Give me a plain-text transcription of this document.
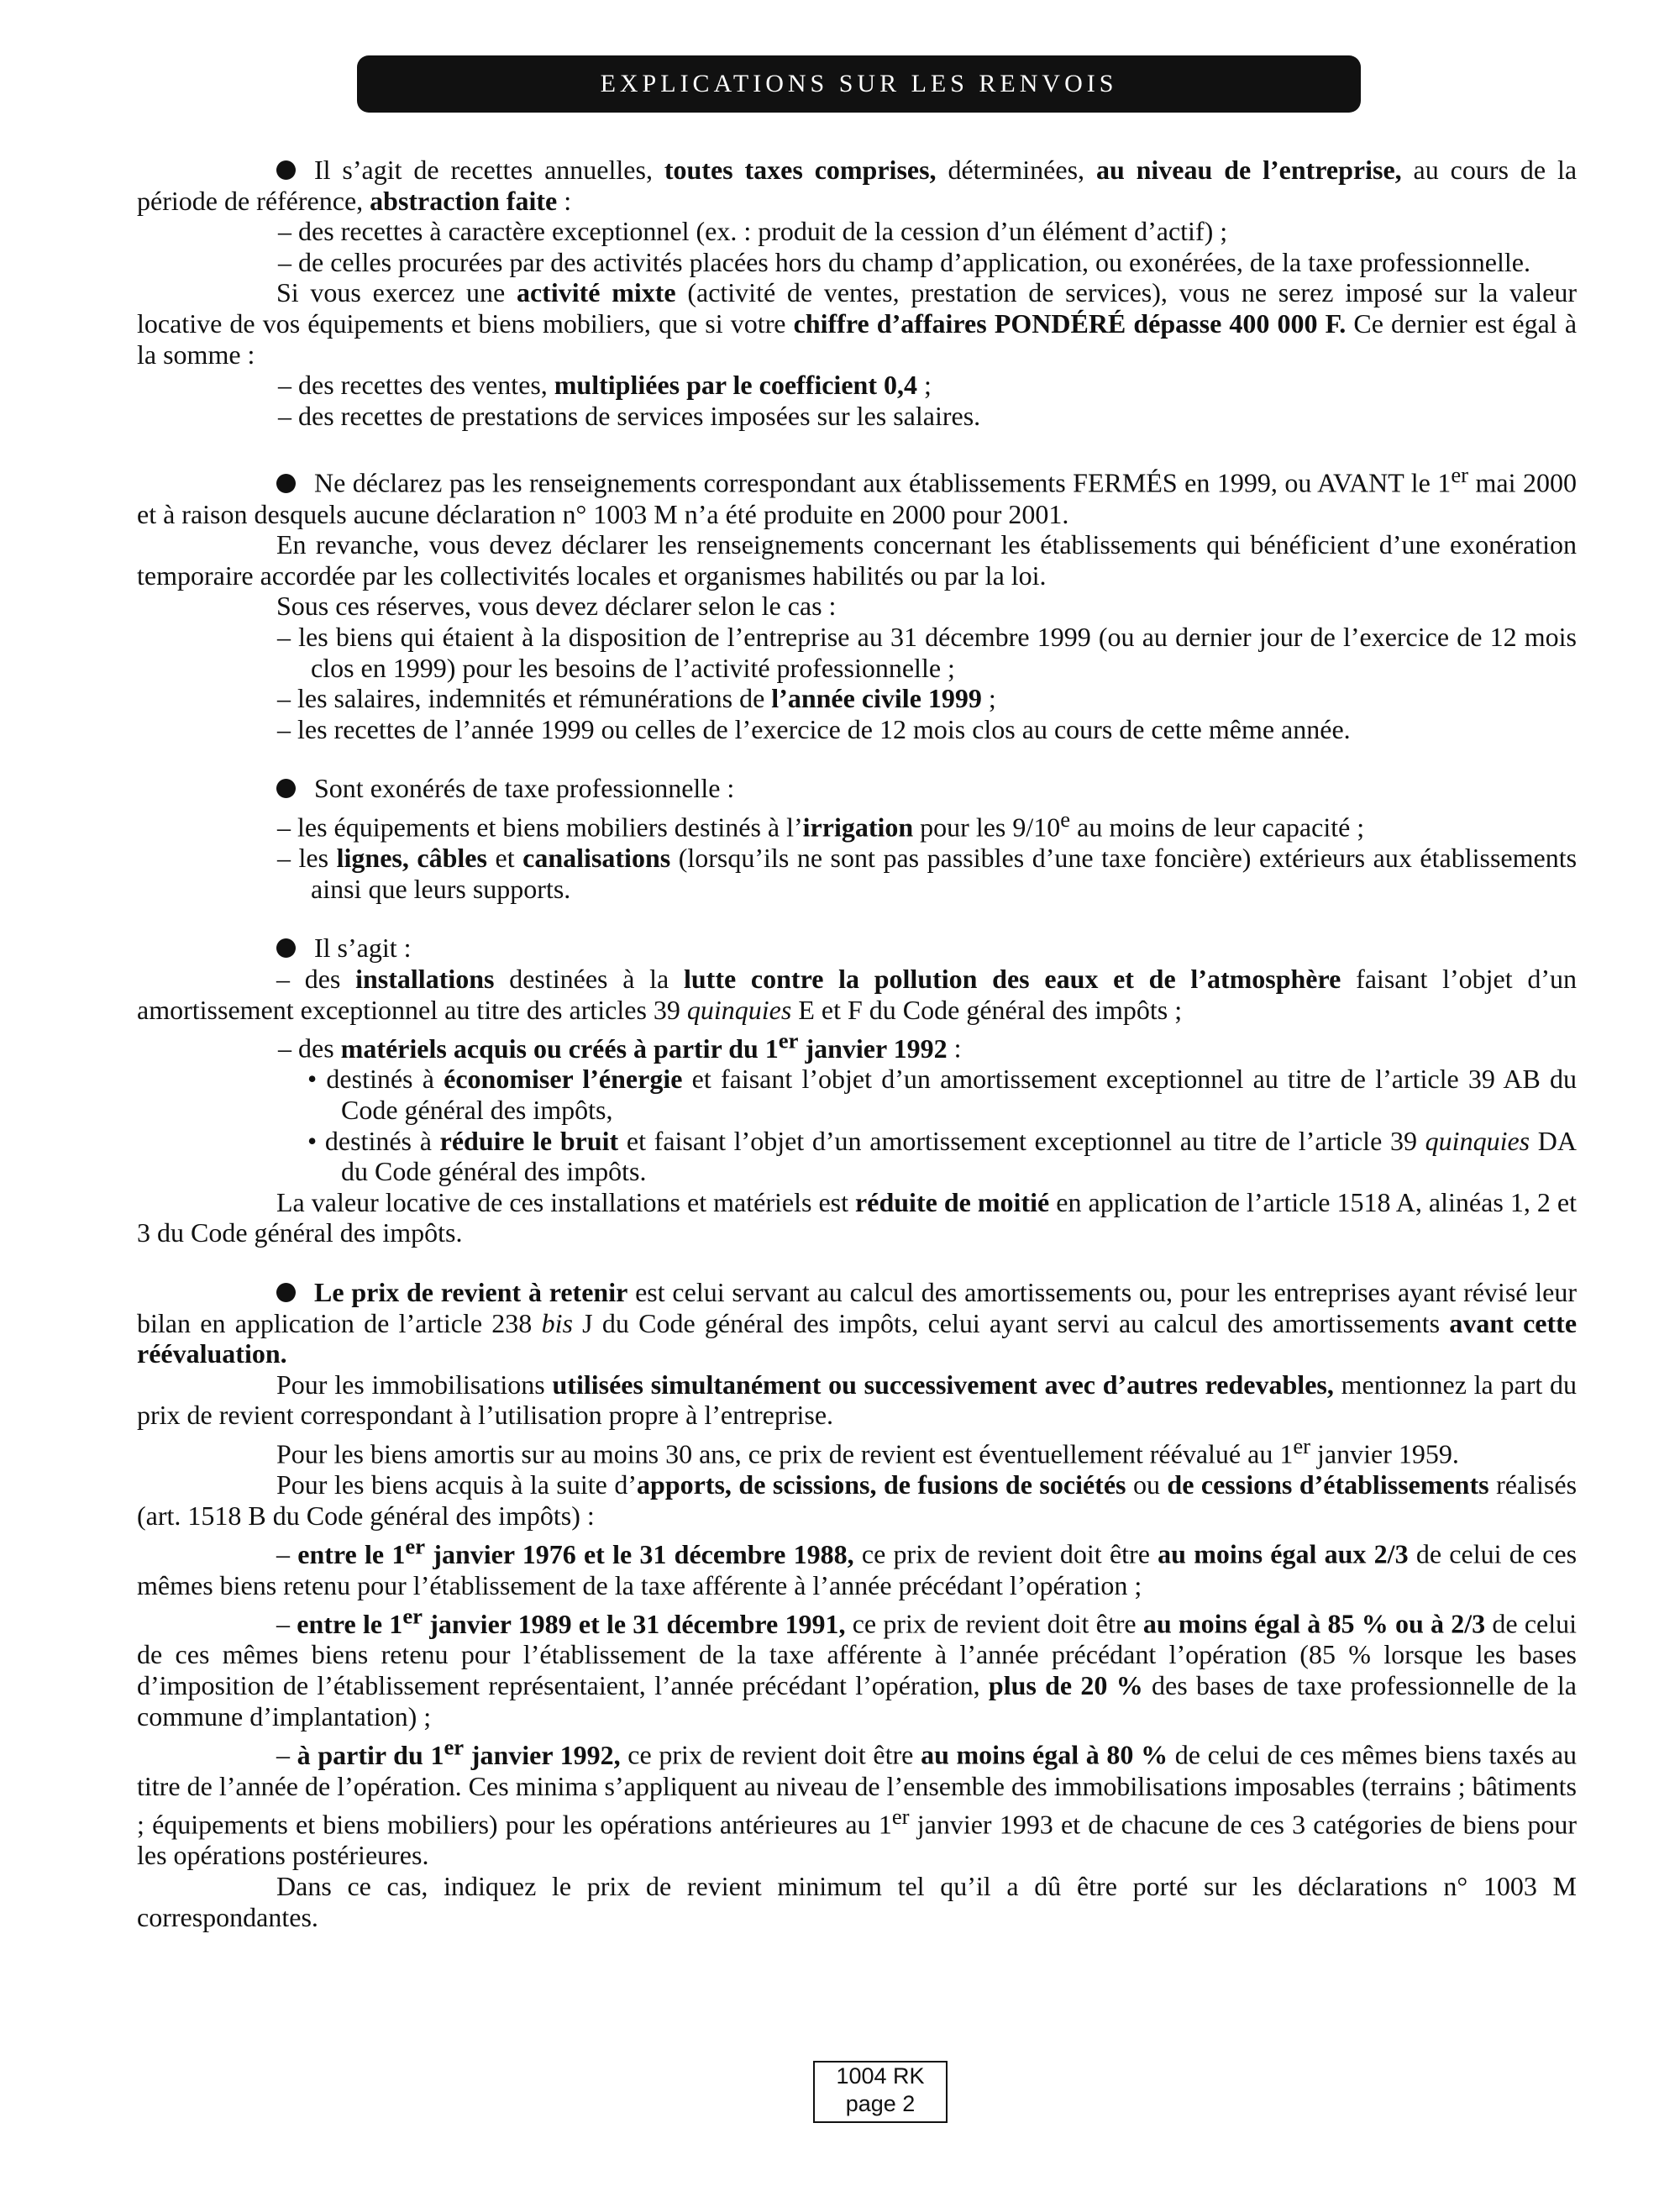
EXPLICATIONS SUR LES RENVOIS

Il s’agit de recettes annuelles, toutes taxes comprises, déterminées, au niveau de l’entreprise, au cours de la période de référence, abstraction faite :

– des recettes à caractère exceptionnel (ex. : produit de la cession d’un élément d’actif) ;

– de celles procurées par des activités placées hors du champ d’application, ou exonérées, de la taxe professionnelle.

Si vous exercez une activité mixte (activité de ventes, prestation de services), vous ne serez imposé sur la valeur locative de vos équipements et biens mobiliers, que si votre chiffre d’affaires PONDÉRÉ dépasse 400 000 F. Ce dernier est égal à la somme :

– des recettes des ventes, multipliées par le coefficient 0,4 ;

– des recettes de prestations de services imposées sur les salaires.

Ne déclarez pas les renseignements correspondant aux établissements FERMÉS en 1999, ou AVANT le 1er mai 2000 et à raison desquels aucune déclaration n° 1003 M n’a été produite en 2000 pour 2001.

En revanche, vous devez déclarer les renseignements concernant les établissements qui bénéficient d’une exonération temporaire accordée par les collectivités locales et organismes habilités ou par la loi.

Sous ces réserves, vous devez déclarer selon le cas :

– les biens qui étaient à la disposition de l’entreprise au 31 décembre 1999 (ou au dernier jour de l’exercice de 12 mois clos en 1999) pour les besoins de l’activité professionnelle ;

– les salaires, indemnités et rémunérations de l’année civile 1999 ;

– les recettes de l’année 1999 ou celles de l’exercice de 12 mois clos au cours de cette même année.

Sont exonérés de taxe professionnelle :

– les équipements et biens mobiliers destinés à l’irrigation pour les 9/10e au moins de leur capacité ;

– les lignes, câbles et canalisations (lorsqu’ils ne sont pas passibles d’une taxe foncière) extérieurs aux établissements ainsi que leurs supports.

Il s’agit :

– des installations destinées à la lutte contre la pollution des eaux et de l’atmosphère faisant l’objet d’un amortissement exceptionnel au titre des articles 39 quinquies E et F du Code général des impôts ;

– des matériels acquis ou créés à partir du 1er janvier 1992 :

• destinés à économiser l’énergie et faisant l’objet d’un amortissement exceptionnel au titre de l’article 39 AB du Code général des impôts,

• destinés à réduire le bruit et faisant l’objet d’un amortissement exceptionnel au titre de l’article 39 quinquies DA du Code général des impôts.

La valeur locative de ces installations et matériels est réduite de moitié en application de l’article 1518 A, alinéas 1, 2 et 3 du Code général des impôts.

Le prix de revient à retenir est celui servant au calcul des amortissements ou, pour les entreprises ayant révisé leur bilan en application de l’article 238 bis J du Code général des impôts, celui ayant servi au calcul des amortissements avant cette réévaluation.

Pour les immobilisations utilisées simultanément ou successivement avec d’autres redevables, mentionnez la part du prix de revient correspondant à l’utilisation propre à l’entreprise.

Pour les biens amortis sur au moins 30 ans, ce prix de revient est éventuellement réévalué au 1er janvier 1959.

Pour les biens acquis à la suite d’apports, de scissions, de fusions de sociétés ou de cessions d’établissements réalisés (art. 1518 B du Code général des impôts) :

– entre le 1er janvier 1976 et le 31 décembre 1988, ce prix de revient doit être au moins égal aux 2/3 de celui de ces mêmes biens retenu pour l’établissement de la taxe afférente à l’année précédant l’opération ;

– entre le 1er janvier 1989 et le 31 décembre 1991, ce prix de revient doit être au moins égal à 85 % ou à 2/3 de celui de ces mêmes biens retenu pour l’établissement de la taxe afférente à l’année précédant l’opération (85 % lorsque les bases d’imposition de l’établissement représentaient, l’année précédant l’opération, plus de 20 % des bases de taxe professionnelle de la commune d’implantation) ;

– à partir du 1er janvier 1992, ce prix de revient doit être au moins égal à 80 % de celui de ces mêmes biens taxés au titre de l’année de l’opération. Ces minima s’appliquent au niveau de l’ensemble des immobilisations imposables (terrains ; bâtiments ; équipements et biens mobiliers) pour les opérations antérieures au 1er janvier 1993 et de chacune de ces 3 catégories de biens pour les opérations postérieures.

Dans ce cas, indiquez le prix de revient minimum tel qu’il a dû être porté sur les déclarations n° 1003 M correspondantes.

1004 RK
page 2
